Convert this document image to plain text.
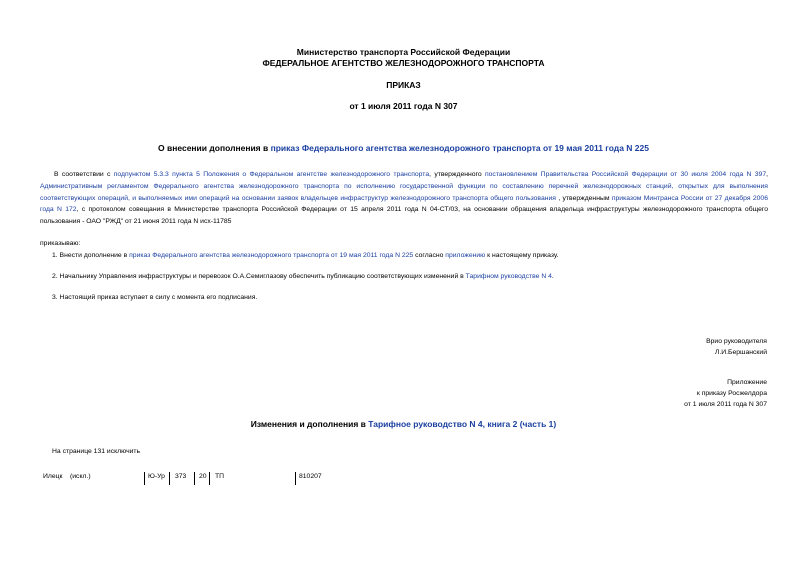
Министерство транспорта Российской Федерации
ФЕДЕРАЛЬНОЕ АГЕНТСТВО ЖЕЛЕЗНОДОРОЖНОГО ТРАНСПОРТА
ПРИКАЗ
от 1 июля 2011 года N 307
О внесении дополнения в приказ Федерального агентства железнодорожного транспорта от 19 мая 2011 года N 225
В соответствии с подпунктом 5.3.3 пункта 5 Положения о Федеральном агентстве железнодорожного транспорта, утвержденного постановлением Правительства Российской Федерации от 30 июля 2004 года N 397, Административным регламентом Федерального агентства железнодорожного транспорта по исполнению государственной функции по составлению перечней железнодорожных станций, открытых для выполнения соответствующих операций, и выполняемых ими операций на основании заявок владельцев инфраструктур железнодорожного транспорта общего пользования , утвержденным приказом Минтранса России от 27 декабря 2006 года N 172, с протоколом совещания в Министерстве транспорта Российской Федерации от 15 апреля 2011 года N 04-СТ/03, на основании обращения владельца инфраструктуры железнодорожного транспорта общего пользования - ОАО "РЖД" от 21 июня 2011 года N исх-11785
приказываю:
1. Внести дополнение в приказ Федерального агентства железнодорожного транспорта от 19 мая 2011 года N 225 согласно приложению к настоящему приказу.
2. Начальнику Управления инфраструктуры и перевозок О.А.Семиглазову обеспечить публикацию соответствующих изменений в Тарифном руководстве N 4.
3. Настоящий приказ вступает в силу с момента его подписания.
Врио руководителя
Л.И.Бершанский
Приложение
к приказу Росжелдора
от 1 июля 2011 года N 307
Изменения и дополнения в Тарифное руководство N 4, книга 2 (часть 1)
На странице 131 исключить
Илецк (искл.)	Ю-Ур 373 20 ТП	810207
